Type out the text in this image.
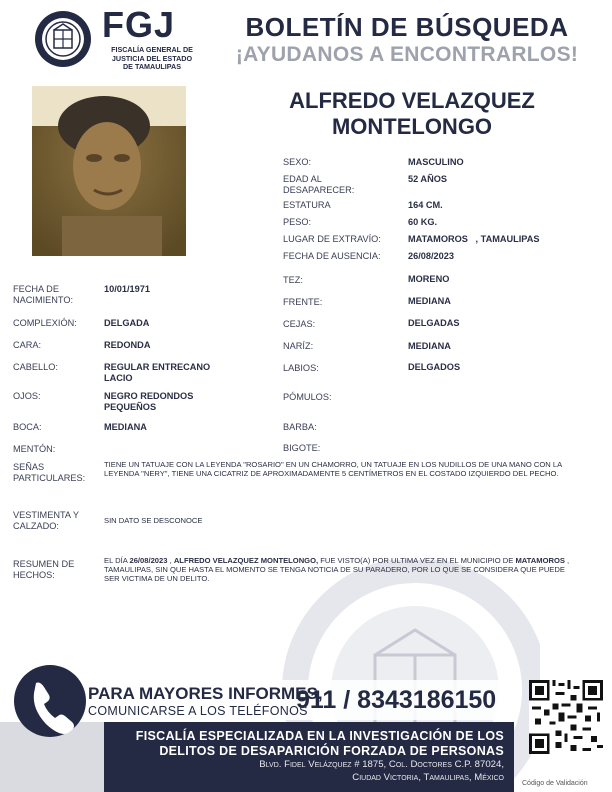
FGJ
FISCALÍA GENERAL DE
JUSTICIA DEL ESTADO
DE TAMAULIPAS
BOLETÍN DE BÚSQUEDA
¡AYUDANOS A ENCONTRARLOS!
ALFREDO VELAZQUEZ
MONTELONGO
SEXO:	MASCULINO
EDAD AL
DESAPARECER:
52 AÑOS
ESTATURA	164 CM.
PESO:	60 KG.
LUGAR DE EXTRAVÍO:	MATAMOROS   , TAMAULIPAS
FECHA DE AUSENCIA:	26/08/2023
FECHA DE
NACIMIENTO:
10/01/1971
COMPLEXIÓN:	DELGADA
CARA:	REDONDA
CABELLO:	REGULAR ENTRECANO
LACIO
OJOS:	NEGRO REDONDOS
PEQUEÑOS
BOCA:	MEDIANA
MENTÓN:
TEZ:	MORENO
FRENTE:	MEDIANA
CEJAS:	DELGADAS
NARÍZ:	MEDIANA
LABIOS:	DELGADOS
PÓMULOS:
BARBA:
BIGOTE:
SEÑAS
PARTICULARES:
TIENE UN TATUAJE CON LA LEYENDA "ROSARIO" EN UN CHAMORRO, UN TATUAJE EN LOS NUDILLOS DE UNA MANO CON LA LEYENDA "NERY", TIENE UNA CICATRIZ DE APROXIMADAMENTE 5 CENTÍMETROS EN EL COSTADO IZQUIERDO DEL PECHO.
VESTIMENTA Y
CALZADO:	SIN DATO SE DESCONOCE
RESUMEN DE
HECHOS:
EL DÍA 26/08/2023 , ALFREDO VELAZQUEZ MONTELONGO, FUE VISTO(A) POR ULTIMA VEZ EN EL MUNICIPIO DE MATAMOROS , TAMAULIPAS, SIN QUE HASTA EL MOMENTO SE TENGA NOTICIA DE SU PARADERO, POR LO QUE SE CONSIDERA QUE PUEDE SER VICTIMA DE UN DELITO.
PARA MAYORES INFORMES,
COMUNICARSE A LOS TELÉFONOS
911 / 8343186150
FISCALÍA ESPECIALIZADA EN LA INVESTIGACIÓN DE LOS
DELITOS DE DESAPARICIÓN FORZADA DE PERSONAS
Blvd. Fidel Velázquez # 1875, Col. Doctores C.P. 87024,
Ciudad Victoria, Tamaulipas, México
Código de Validación
